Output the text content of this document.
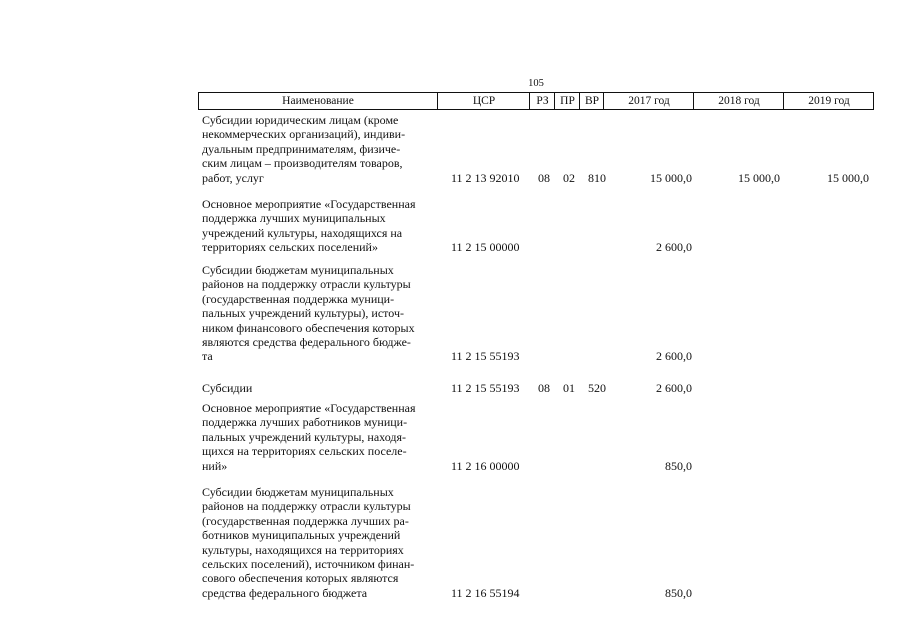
105
Наименование	ЦСР	РЗ ПР ВР	2017 год	2018 год	2019 год
Субсидии юридическим лицам (кроме
некоммерческих организаций), индиви-
дуальным предпринимателям, физиче-
ским лицам – производителям товаров,
работ, услуг	11 2 13 92010 08 02 810	15 000,0	15 000,0	15 000,0
Основное мероприятие «Государственная
поддержка лучших муниципальных
учреждений культуры, находящихся на
территориях сельских поселений»	11 2 15 00000	2 600,0
Субсидии бюджетам муниципальных
районов на поддержку отрасли культуры
(государственная поддержка муници-
пальных учреждений культуры), источ-
ником финансового обеспечения которых
являются средства федерального бюдже-
та	11 2 15 55193	2 600,0
Субсидии	11 2 15 55193 08 01 520	2 600,0
Основное мероприятие «Государственная
поддержка лучших работников муници-
пальных учреждений культуры, находя-
щихся на территориях сельских поселе-
ний»	11 2 16 00000	850,0
Субсидии бюджетам муниципальных
районов на поддержку отрасли культуры
(государственная поддержка лучших ра-
ботников муниципальных учреждений
культуры, находящихся на территориях
сельских поселений), источником финан-
сового обеспечения которых являются
средства федерального бюджета	11 2 16 55194	850,0
